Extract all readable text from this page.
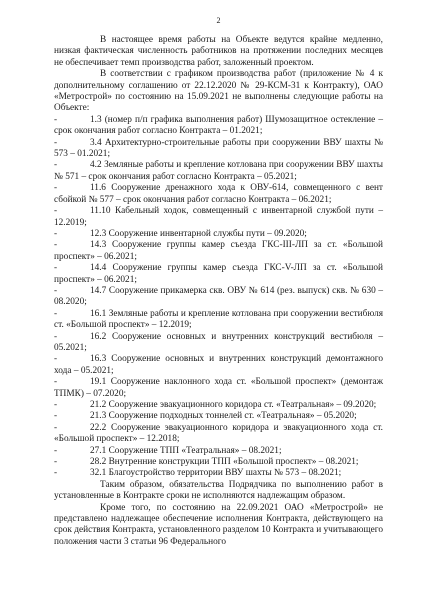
2

В настоящее время работы на Объекте ведутся крайне медленно, низкая фактическая численность работников на протяжении последних месяцев не обеспечивает темп производства работ, заложенный проектом.

В соответствии с графиком производства работ (приложение № 4 к дополнительному соглашению от 22.12.2020 № 29-КСМ-31 к Контракту), ОАО «Метрострой» по состоянию на 15.09.2021 не выполнены следующие работы на Объекте:

-	1.3 (номер п/п графика выполнения работ) Шумозащитное остекление – срок окончания работ согласно Контракта – 01.2021;
-	3.4 Архитектурно-строительные работы при сооружении ВВУ шахты № 573 – 01.2021;
-	4.2 Земляные работы и крепление котлована при сооружении ВВУ шахты № 571 – срок окончания работ согласно Контракта – 05.2021;
-	11.6 Сооружение дренажного хода к ОВУ-614, совмещенного с вент сбойкой № 577 – срок окончания работ согласно Контракта – 06.2021;
-	11.10 Кабельный ходок, совмещенный с инвентарной службой пути – 12.2019;
-	12.3 Сооружение инвентарной службы пути – 09.2020;
-	14.3 Сооружение группы камер съезда ГКС-III-ЛП за ст. «Большой проспект» – 06.2021;
-	14.4 Сооружение группы камер съезда ГКС-V-ЛП за ст. «Большой проспект» – 06.2021;
-	14.7 Сооружение прикамерка скв. ОВУ № 614 (рез. выпуск) скв. № 630 – 08.2020;
-	16.1 Земляные работы и крепление котлована при сооружении вестибюля ст. «Большой проспект» – 12.2019;
-	16.2 Сооружение основных и внутренних конструкций вестибюля – 05.2021;
-	16.3 Сооружение основных и внутренних конструкций демонтажного хода – 05.2021;
-	19.1 Сооружение наклонного хода ст. «Большой проспект» (демонтаж ТПМК) – 07.2020;
-	21.2 Сооружение эвакуационного коридора ст. «Театральная» – 09.2020;
-	21.3 Сооружение подходных тоннелей ст. «Театральная» – 05.2020;
-	22.2 Сооружение эвакуационного коридора и эвакуационного хода ст. «Большой проспект» – 12.2018;
-	27.1 Сооружение ТПП «Театральная» – 08.2021;
-	28.2 Внутренние конструкции ТПП «Большой проспект» – 08.2021;
-	32.1 Благоустройство территории ВВУ шахты № 573 – 08.2021;

Таким образом, обязательства Подрядчика по выполнению работ в установленные в Контракте сроки не исполняются надлежащим образом.

Кроме того, по состоянию на 22.09.2021 ОАО «Метрострой» не представлено надлежащее обеспечение исполнения Контракта, действующего на срок действия Контракта, установленного разделом 10 Контракта и учитывающего положения части 3 статьи 96 Федерального
